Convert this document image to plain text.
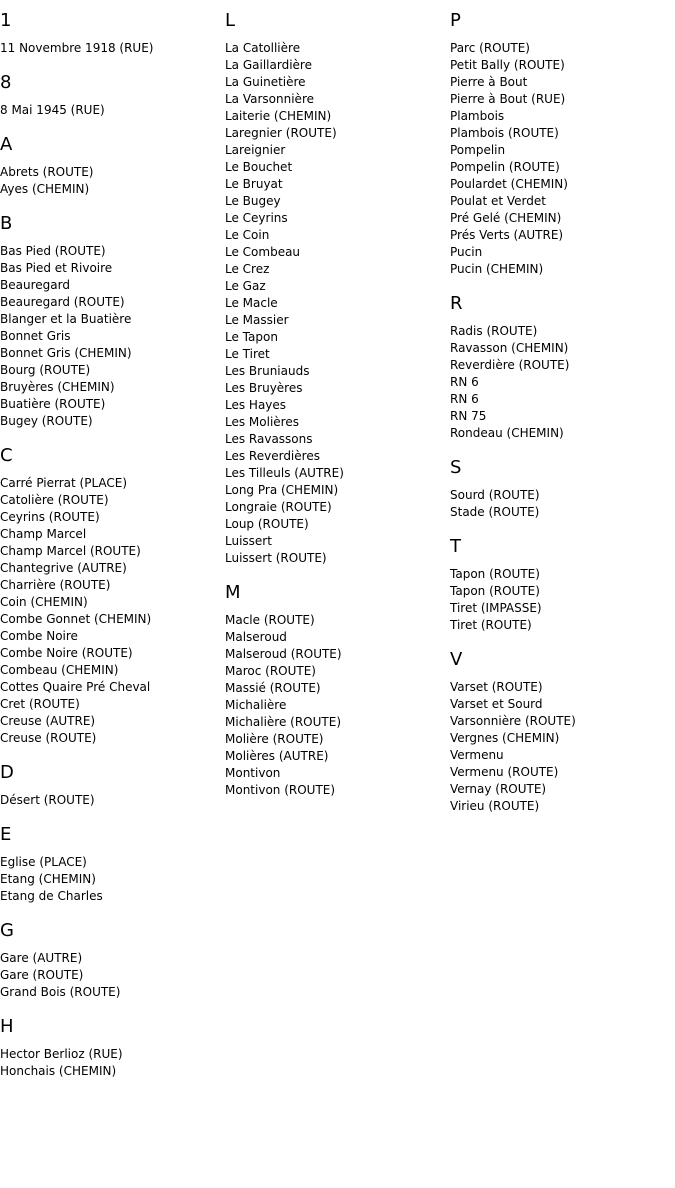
1
11 Novembre 1918 (RUE)
8
8 Mai 1945 (RUE)
A
Abrets (ROUTE)
Ayes (CHEMIN)
B
Bas Pied (ROUTE)
Bas Pied et Rivoire
Beauregard
Beauregard (ROUTE)
Blanger et la Buatière
Bonnet Gris
Bonnet Gris (CHEMIN)
Bourg (ROUTE)
Bruyères (CHEMIN)
Buatière (ROUTE)
Bugey (ROUTE)
C
Carré Pierrat (PLACE)
Catolière (ROUTE)
Ceyrins (ROUTE)
Champ Marcel
Champ Marcel (ROUTE)
Chantegrive (AUTRE)
Charrière (ROUTE)
Coin (CHEMIN)
Combe Gonnet (CHEMIN)
Combe Noire
Combe Noire (ROUTE)
Combeau (CHEMIN)
Cottes Quaire Pré Cheval
Cret (ROUTE)
Creuse (AUTRE)
Creuse (ROUTE)
D
Désert (ROUTE)
E
Eglise (PLACE)
Etang (CHEMIN)
Etang de Charles
G
Gare (AUTRE)
Gare (ROUTE)
Grand Bois (ROUTE)
H
Hector Berlioz (RUE)
Honchais (CHEMIN)
L
La Catollière
La Gaillardière
La Guinetière
La Varsonnière
Laiterie (CHEMIN)
Laregnier (ROUTE)
Lareignier
Le Bouchet
Le Bruyat
Le Bugey
Le Ceyrins
Le Coin
Le Combeau
Le Crez
Le Gaz
Le Macle
Le Massier
Le Tapon
Le Tiret
Les Bruniauds
Les Bruyères
Les Hayes
Les Molières
Les Ravassons
Les Reverdières
Les Tilleuls (AUTRE)
Long Pra (CHEMIN)
Longraie (ROUTE)
Loup (ROUTE)
Luissert
Luissert (ROUTE)
M
Macle (ROUTE)
Malseroud
Malseroud (ROUTE)
Maroc (ROUTE)
Massié (ROUTE)
Michalière
Michalière (ROUTE)
Molière (ROUTE)
Molières (AUTRE)
Montivon
Montivon (ROUTE)
P
Parc (ROUTE)
Petit Bally (ROUTE)
Pierre à Bout
Pierre à Bout (RUE)
Plambois
Plambois (ROUTE)
Pompelin
Pompelin (ROUTE)
Poulardet (CHEMIN)
Poulat et Verdet
Pré Gelé (CHEMIN)
Prés Verts (AUTRE)
Pucin
Pucin (CHEMIN)
R
Radis (ROUTE)
Ravasson (CHEMIN)
Reverdière (ROUTE)
RN 6
RN 6
RN 75
Rondeau (CHEMIN)
S
Sourd (ROUTE)
Stade (ROUTE)
T
Tapon (ROUTE)
Tapon (ROUTE)
Tiret (IMPASSE)
Tiret (ROUTE)
V
Varset (ROUTE)
Varset et Sourd
Varsonnière (ROUTE)
Vergnes (CHEMIN)
Vermenu
Vermenu (ROUTE)
Vernay (ROUTE)
Virieu (ROUTE)
